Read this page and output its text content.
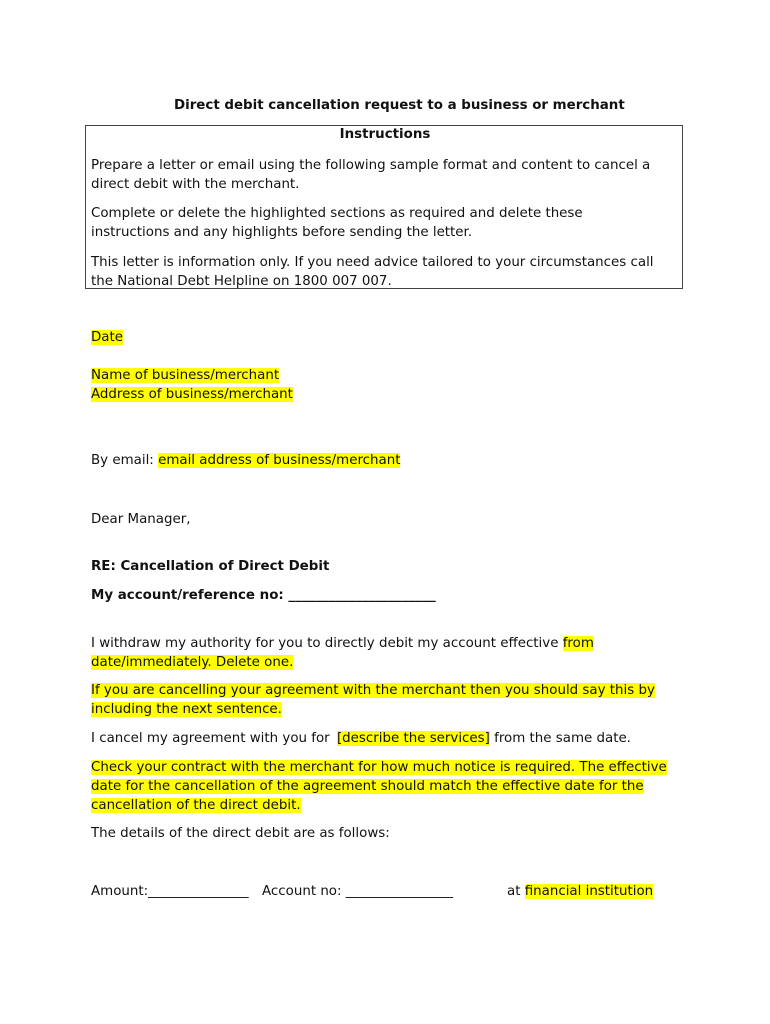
Direct debit cancellation request to a business or merchant
Instructions

Prepare a letter or email using the following sample format and content to cancel a
direct debit with the merchant.

Complete or delete the highlighted sections as required and delete these
instructions and any highlights before sending the letter.

This letter is information only. If you need advice tailored to your circumstances call
the National Debt Helpline on 1800 007 007.

Date

Name of business/merchant
Address of business/merchant

By email: email address of business/merchant

Dear Manager,

RE: Cancellation of Direct Debit

My account/reference no: ______________________

I withdraw my authority for you to directly debit my account effective from
date/immediately. Delete one.

If you are cancelling your agreement with the merchant then you should say this by
including the next sentence.

I cancel my agreement with you for [describe the services] from the same date.

Check your contract with the merchant for how much notice is required. The effective
date for the cancellation of the agreement should match the effective date for the
cancellation of the direct debit.

The details of the direct debit are as follows:

Amount:_______________ Account no: ________________	at financial institution
